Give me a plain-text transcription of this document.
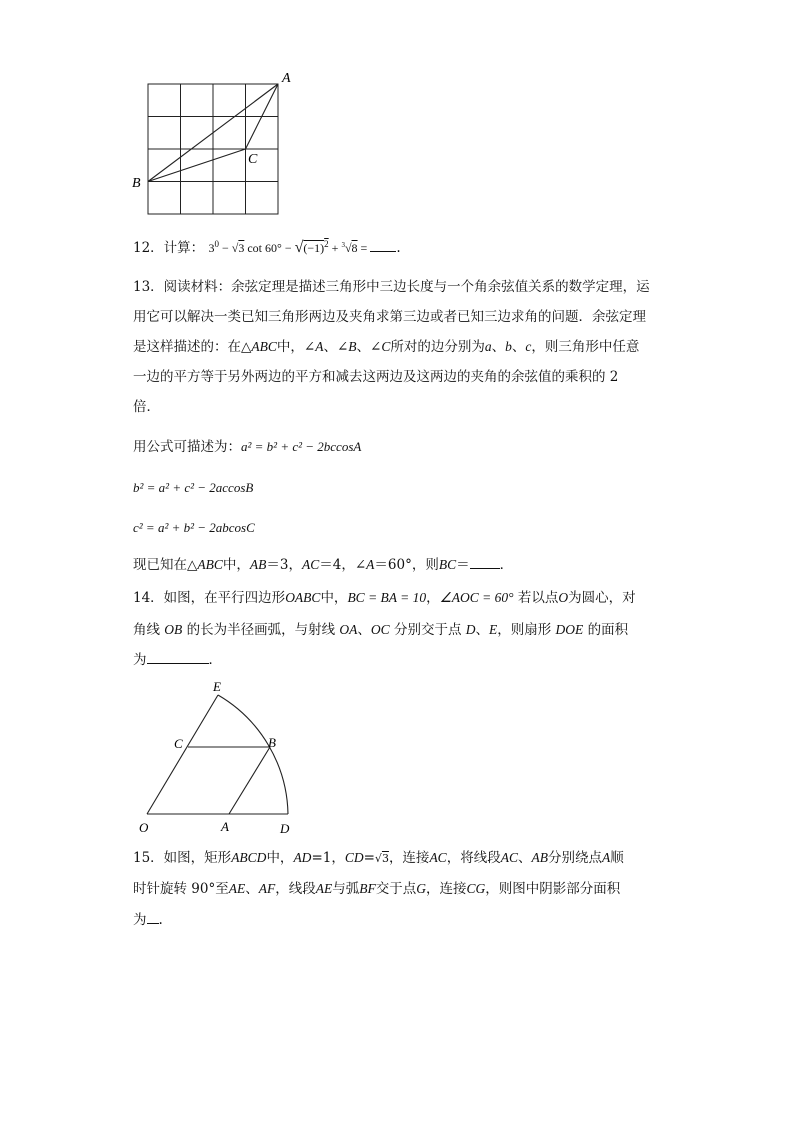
A
B
C
12．计算： $3^0 - √3$ $\cot 60^\circ - √(-1)^2 + ^3√8$ = .
13．阅读材料：余弦定理是描述三角形中三边长度与一个角余弦值关系的数学定理，运
用它可以解决一类已知三角形两边及夹角求第三边或者已知三边求角的问题．余弦定理
是这样描述的：在△ABC中，∠A、∠B、∠C所对的边分别为a、b、c，则三角形中任意
一边的平方等于另外两边的平方和减去这两边及这两边的夹角的余弦值的乘积的 2
倍．
用公式可描述为：a² = b² + c² − 2bccosA
b² = a² + c² − 2accosB
c² = a² + b² − 2abcosC
现已知在△ABC中，AB＝3，AC＝4，∠A＝60°，则BC＝ ．
14．如图，在平行四边形OABC中，BC = BA = 10，∠AOC = 60° 若以点O为圆心，对
角线 OB 的长为半径画弧，与射线 OA、OC 分别交于点 D、E，则扇形 DOE 的面积
为	．
E
C	B
O	A	D
15．如图，矩形ABCD中，AD=1，CD=√3，连接AC，将线段AC、AB分别绕点A顺
时针旋转 90°至AE、AF，线段AE与弧BF交于点G，连接CG，则图中阴影部分面积
为 .
